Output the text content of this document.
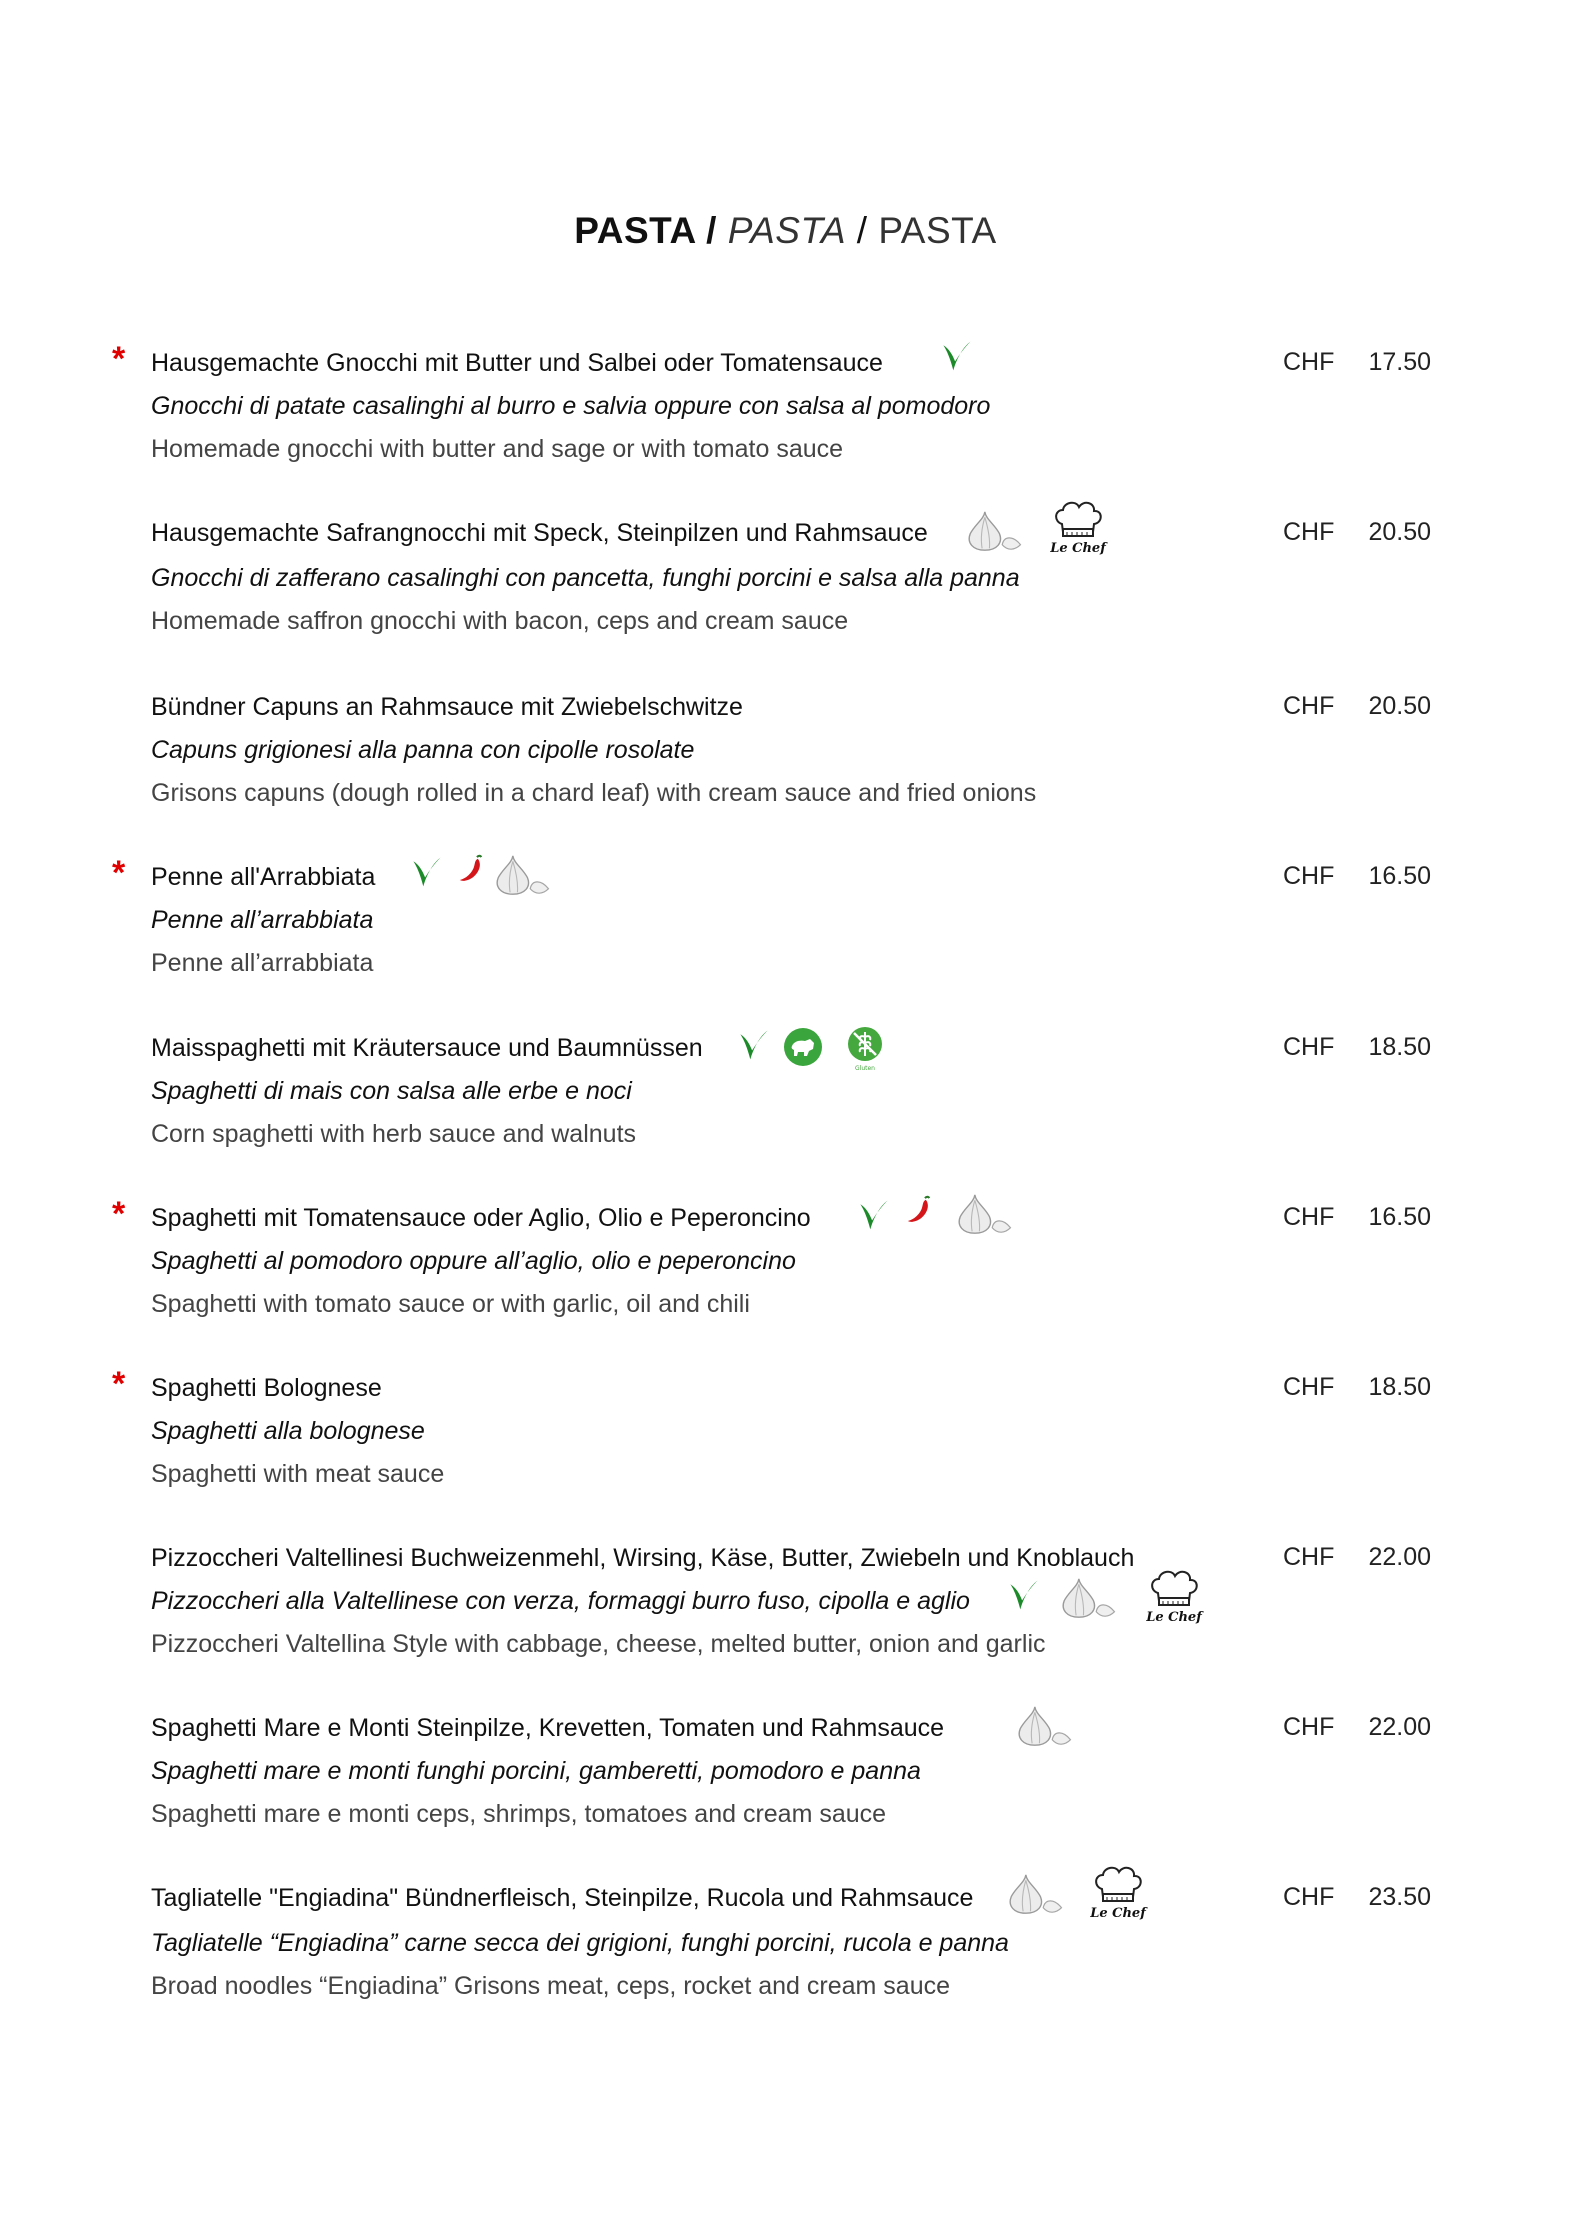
PASTA / PASTA / PASTA
* Hausgemachte Gnocchi mit Butter und Salbei oder Tomatensauce
Gnocchi di patate casalinghi al burro e salvia oppure con salsa al pomodoro
Homemade gnocchi with butter and sage or with tomato sauce
CHF 17.50
Hausgemachte Safrangnocchi mit Speck, Steinpilzen und Rahmsauce
Gnocchi di zafferano casalinghi con pancetta, funghi porcini e salsa alla panna
Homemade saffron gnocchi with bacon, ceps and cream sauce
CHF 20.50
Bündner Capuns an Rahmsauce mit Zwiebelschwitze
Capuns grigionesi alla panna con cipolle rosolate
Grisons capuns (dough rolled in a chard leaf) with cream sauce and fried onions
CHF 20.50
* Penne all'Arrabbiata
Penne all’arrabbiata
Penne all’arrabbiata
CHF 16.50
Maisspaghetti mit Kräutersauce und Baumnüssen
Spaghetti di mais con salsa alle erbe e noci
Corn spaghetti with herb sauce and walnuts
CHF 18.50
* Spaghetti mit Tomatensauce oder Aglio, Olio e Peperoncino
Spaghetti al pomodoro oppure all’aglio, olio e peperoncino
Spaghetti with tomato sauce or with garlic, oil and chili
CHF 16.50
* Spaghetti Bolognese
Spaghetti alla bolognese
Spaghetti with meat sauce
CHF 18.50
Pizzoccheri Valtellinesi Buchweizenmehl, Wirsing, Käse, Butter, Zwiebeln und Knoblauch
Pizzoccheri alla Valtellinese con verza, formaggi burro fuso, cipolla e aglio
Pizzoccheri Valtellina Style with cabbage, cheese, melted butter, onion and garlic
CHF 22.00
Spaghetti Mare e Monti Steinpilze, Krevetten, Tomaten und Rahmsauce
Spaghetti mare e monti funghi porcini, gamberetti, pomodoro e panna
Spaghetti mare e monti ceps, shrimps, tomatoes and cream sauce
CHF 22.00
Tagliatelle "Engiadina" Bündnerfleisch, Steinpilze, Rucola und Rahmsauce
Tagliatelle “Engiadina” carne secca dei grigioni, funghi porcini, rucola e panna
Broad noodles “Engiadina” Grisons meat, ceps, rocket and cream sauce
CHF 23.50
